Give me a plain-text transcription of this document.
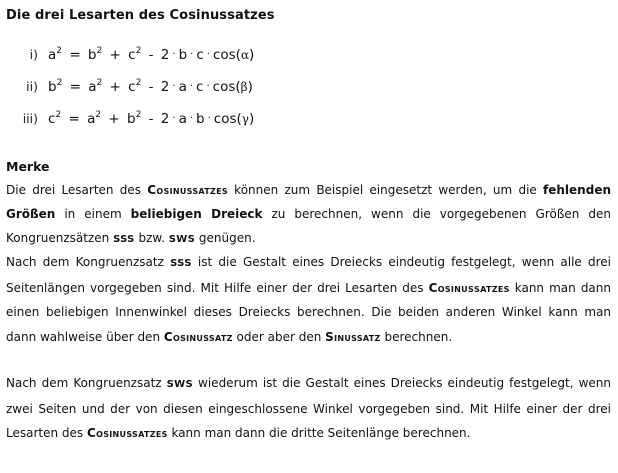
Die drei Lesarten des Cosinussatzes
i) $a^2 = b^2 + c^2 - 2 \cdot b \cdot c \cdot \cos(\alpha)$
ii) $b^2 = a^2 + c^2 - 2 \cdot a \cdot c \cdot \cos(\beta)$
iii) $c^2 = a^2 + b^2 - 2 \cdot a \cdot b \cdot \cos(\gamma)$
Merke
Die drei Lesarten des Cosinussatzes können zum Beispiel eingesetzt werden, um die fehlenden Größen in einem beliebigen Dreieck zu berechnen, wenn die vorgegebenen Größen den Kongruenzsätzen SSS bzw. SWS genügen.
Nach dem Kongruenzsatz SSS ist die Gestalt eines Dreiecks eindeutig festgelegt, wenn alle drei Seitenlängen vorgegeben sind. Mit Hilfe einer der drei Lesarten des Cosinussatzes kann man dann einen beliebigen Innenwinkel dieses Dreiecks berechnen. Die beiden anderen Winkel kann man dann wahlweise über den Cosinussatz oder aber den Sinussatz berechnen.
Nach dem Kongruenzsatz SWS wiederum ist die Gestalt eines Dreiecks eindeutig festgelegt, wenn zwei Seiten und der von diesen eingeschlossene Winkel vorgegeben sind. Mit Hilfe einer der drei Lesarten des Cosinussatzes kann man dann die dritte Seitenlänge berechnen.
